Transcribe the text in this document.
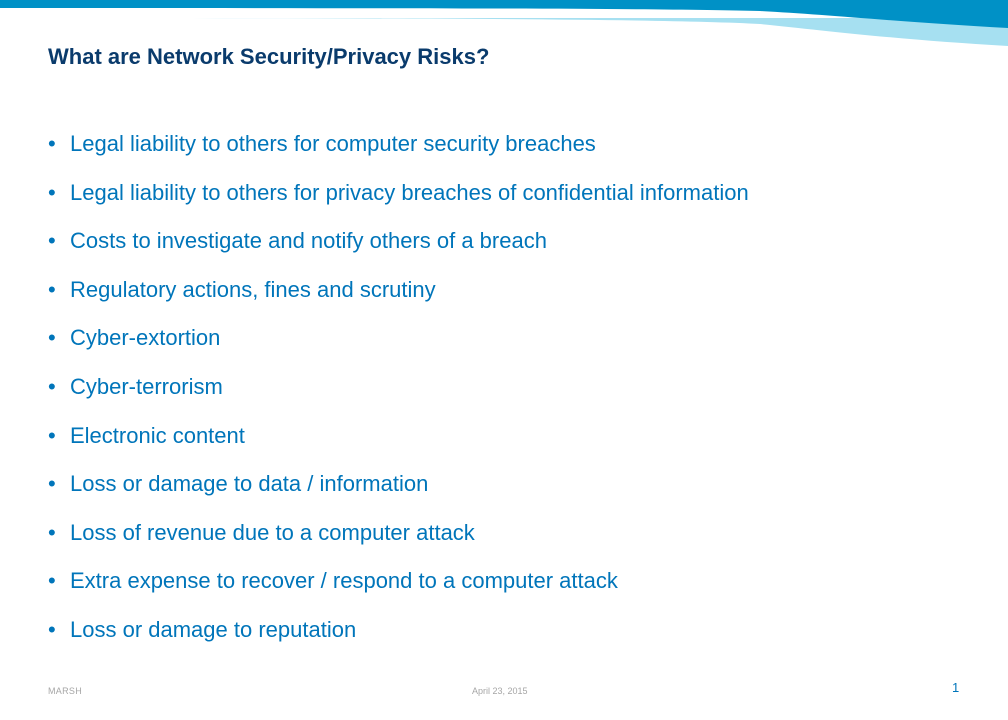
What are Network Security/Privacy Risks?
• Legal liability to others for computer security breaches
• Legal liability to others for privacy breaches of confidential information
• Costs to investigate and notify others of a breach
• Regulatory actions, fines and scrutiny
• Cyber-extortion
• Cyber-terrorism
• Electronic content
• Loss or damage to data / information
• Loss of revenue due to a computer attack
• Extra expense to recover / respond to a computer attack
• Loss or damage to reputation
MARSH	April 23, 2015	1
